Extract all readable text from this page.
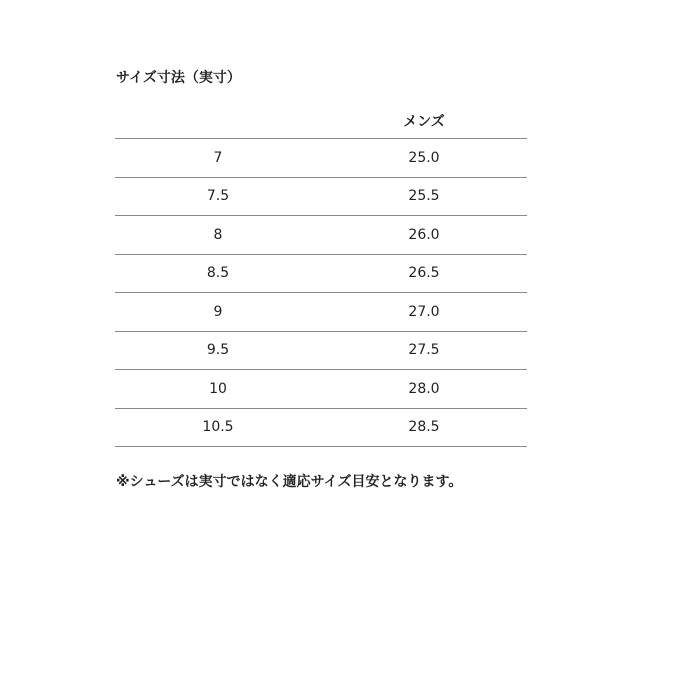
サイズ寸法（実寸）
	メンズ
7	25.0
7.5	25.5
8	26.0
8.5	26.5
9	27.0
9.5	27.5
10	28.0
10.5	28.5
※シューズは実寸ではなく適応サイズ目安となります。
